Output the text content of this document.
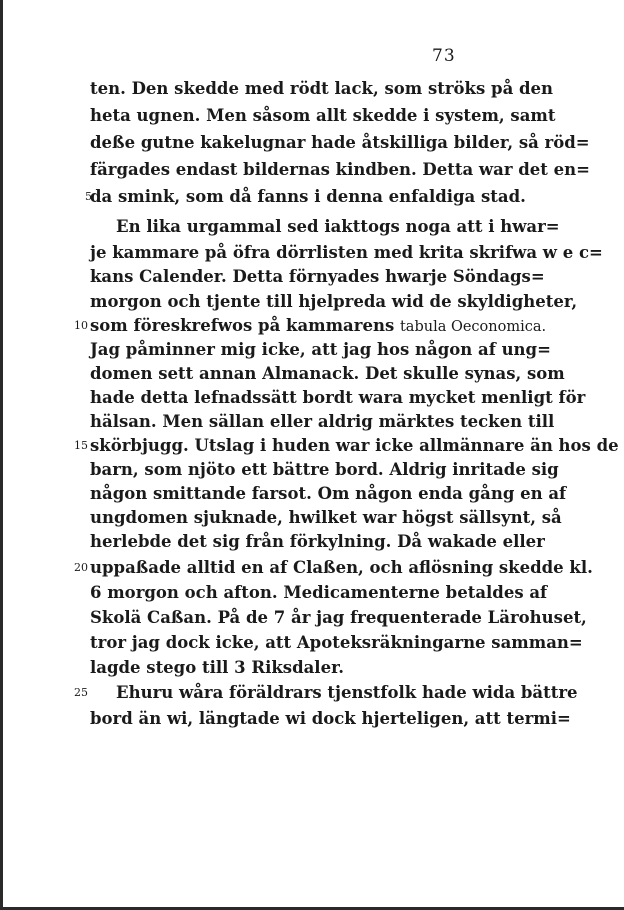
73
ten. Den skedde med rödt lack, som ströks på den
heta ugnen. Men såsom allt skedde i system, samt
deße gutne kakelugnar hade åtskilliga bilder, så röd=
färgades endast bildernas kindben. Detta war det en=
5
da smink, som då fanns i denna enfaldiga stad.
En lika urgammal sed iakttogs noga att i hwar=
je kammare på öfra dörrlisten med krita skrifwa w e c=
kans Calender. Detta förnyades hwarje Söndags=
morgon och tjente till hjelpreda wid de skyldigheter,
10 som föreskrefwos på kammarens tabula Oeconomica.
Jag påminner mig icke, att jag hos någon af ung=
domen sett annan Almanack. Det skulle synas, som
hade detta lefnadssätt bordt wara mycket menligt för
hälsan. Men sällan eller aldrig märktes tecken till
15 skörbjugg. Utslag i huden war icke allmännare än hos de
barn, som njöto ett bättre bord. Aldrig inritade sig
någon smittande farsot. Om någon enda gång en af
ungdomen sjuknade, hwilket war högst sällsynt, så
herlebde det sig från förkylning. Då wakade eller
20 uppaßade alltid en af Claßen, och aflösning skedde kl.
6 morgon och afton. Medicamenterne betaldes af
Skolä Caßan. På de 7 år jag frequenterade Lärohuset,
tror jag dock icke, att Apoteksräkningarne samman=
lagde stego till 3 Riksdaler.
25	Ehuru wåra föräldrars tjenstfolk hade wida bättre
bord än wi, längtade wi dock hjerteligen, att termi=
